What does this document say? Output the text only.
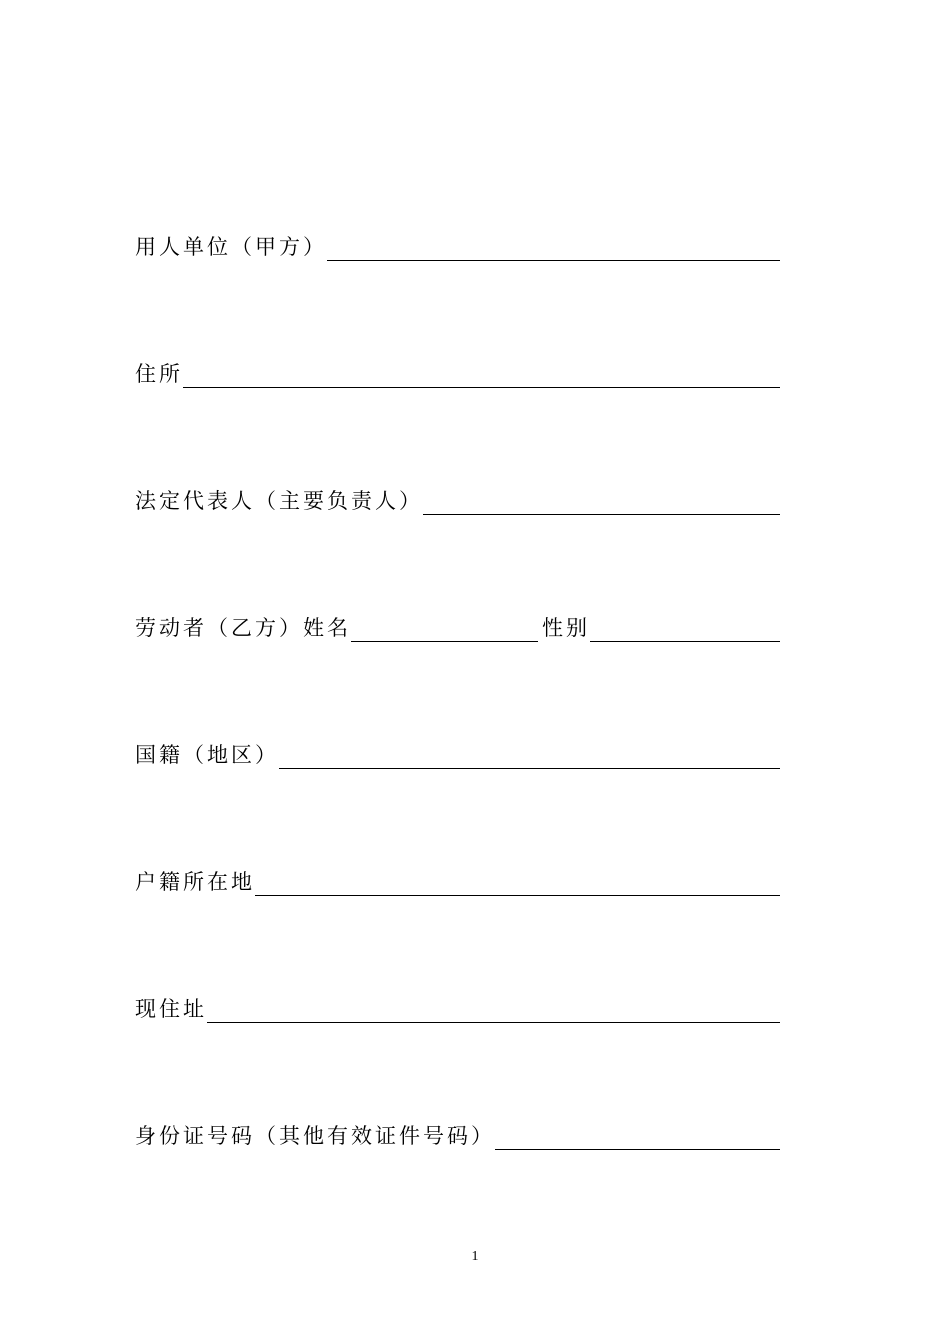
用人单位（甲方）
住所
法定代表人（主要负责人）
劳动者（乙方）姓名	性别
国籍（地区）
户籍所在地
现住址
身份证号码（其他有效证件号码）
1
